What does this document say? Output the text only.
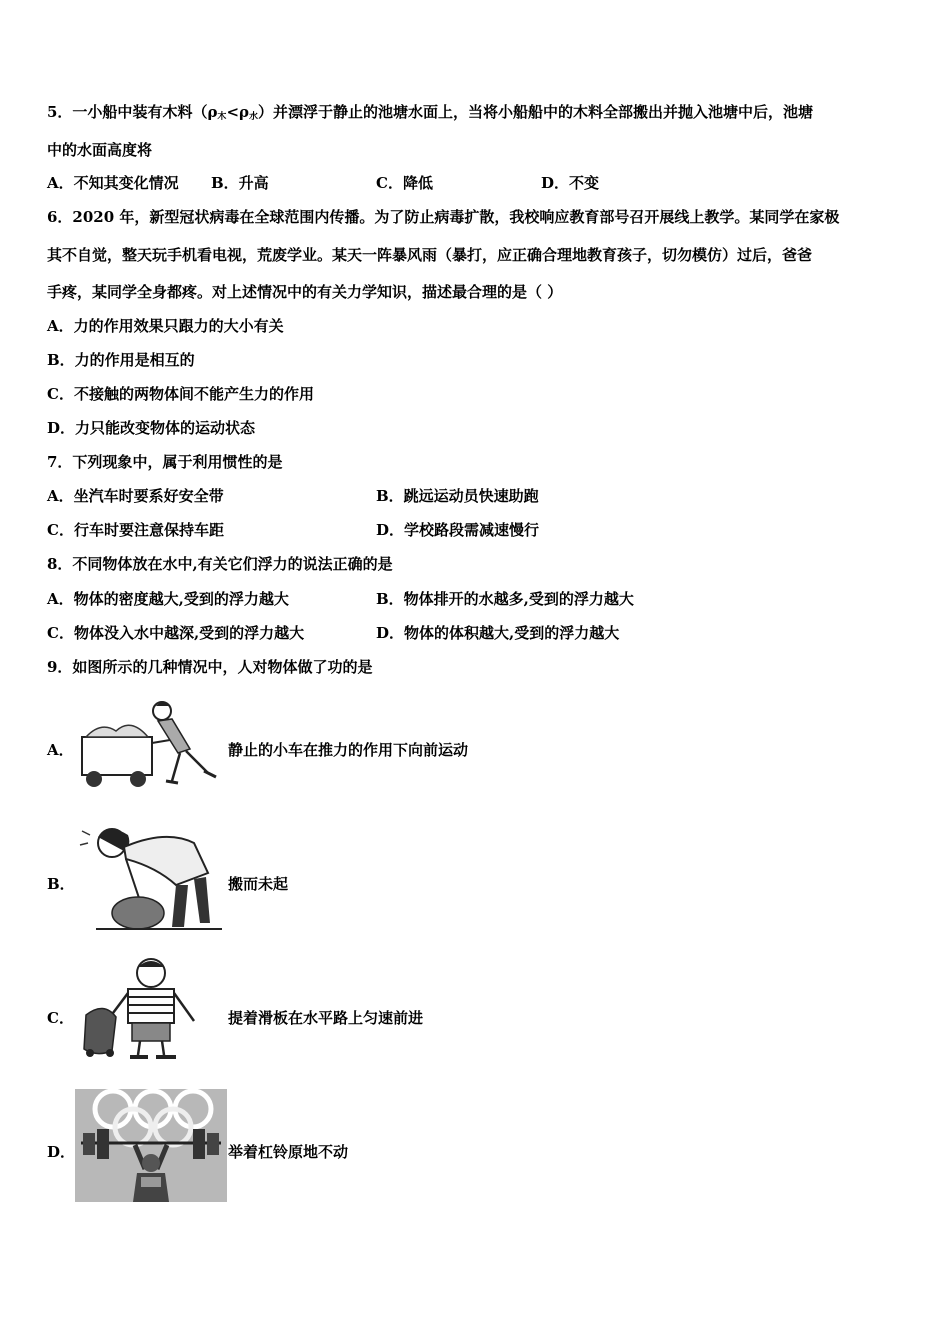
5．一小船中装有木料$(\rho_木<\rho_水)$并漂浮于静止的池塘水面上，当将小船船中的木料全部搬出并抛入池塘中后，池塘
中的水面高度将
A．不知其变化情况 B．升高	C．降低	D．不变
6．2020 年，新型冠状病毒在全球范围内传播。为了防止病毒扩散，我校响应教育部号召开展线上教学。某同学在家极
其不自觉，整天玩手机看电视，荒废学业。某天一阵暴风雨（暴打，应正确合理地教育孩子，切勿模仿）过后，爸爸
手疼，某同学全身都疼。对上述情况中的有关力学知识，描述最合理的是（ ）
A．力的作用效果只跟力的大小有关
B．力的作用是相互的
C．不接触的两物体间不能产生力的作用
D．力只能改变物体的运动状态
7．下列现象中，属于利用惯性的是
A．坐汽车时要系好安全带	B．跳远运动员快速助跑
C．行车时要注意保持车距	D．学校路段需减速慢行
8．不同物体放在水中,有关它们浮力的说法正确的是
A．物体的密度越大,受到的浮力越大	B．物体排开的水越多,受到的浮力越大
C．物体没入水中越深,受到的浮力越大	D．物体的体积越大,受到的浮力越大
9．如图所示的几种情况中，人对物体做了功的是
A．	静止的小车在推力的作用下向前运动
B．	搬而未起
C．	提着滑板在水平路上匀速前进
D．	举着杠铃原地不动
